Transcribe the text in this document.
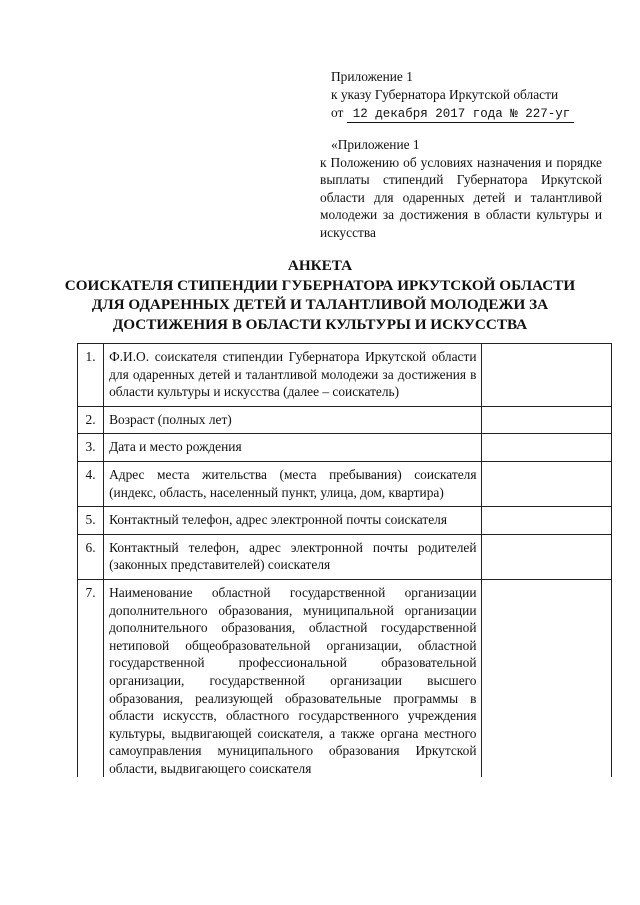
Приложение 1
к указу Губернатора Иркутской области
от 12 декабря 2017 года № 227-уг
«Приложение 1
к Положению об условиях назначения и порядке выплаты стипендий Губернатора Иркутской области для одаренных детей и талантливой молодежи за достижения в области культуры и искусства
АНКЕТА
СОИСКАТЕЛЯ СТИПЕНДИИ ГУБЕРНАТОРА ИРКУТСКОЙ ОБЛАСТИ
ДЛЯ ОДАРЕННЫХ ДЕТЕЙ И ТАЛАНТЛИВОЙ МОЛОДЕЖИ ЗА
ДОСТИЖЕНИЯ В ОБЛАСТИ КУЛЬТУРЫ И ИСКУССТВА
1.	Ф.И.О. соискателя стипендии Губернатора Иркутской области для одаренных детей и талантливой молодежи за достижения в области культуры и искусства (далее – соискатель)	
2.	Возраст (полных лет)	
3.	Дата и место рождения	
4.	Адрес места жительства (места пребывания) соискателя (индекс, область, населенный пункт, улица, дом, квартира)	
5.	Контактный телефон, адрес электронной почты соискателя	
6.	Контактный телефон, адрес электронной почты родителей (законных представителей) соискателя	
7.	Наименование областной государственной организации дополнительного образования, муниципальной организации дополнительного образования, областной государственной нетиповой общеобразовательной организации, областной государственной профессиональной образовательной организации, государственной организации высшего образования, реализующей образовательные программы в области искусств, областного государственного учреждения культуры, выдвигающей соискателя, а также органа местного самоуправления муниципального образования Иркутской области, выдвигающего соискателя	
